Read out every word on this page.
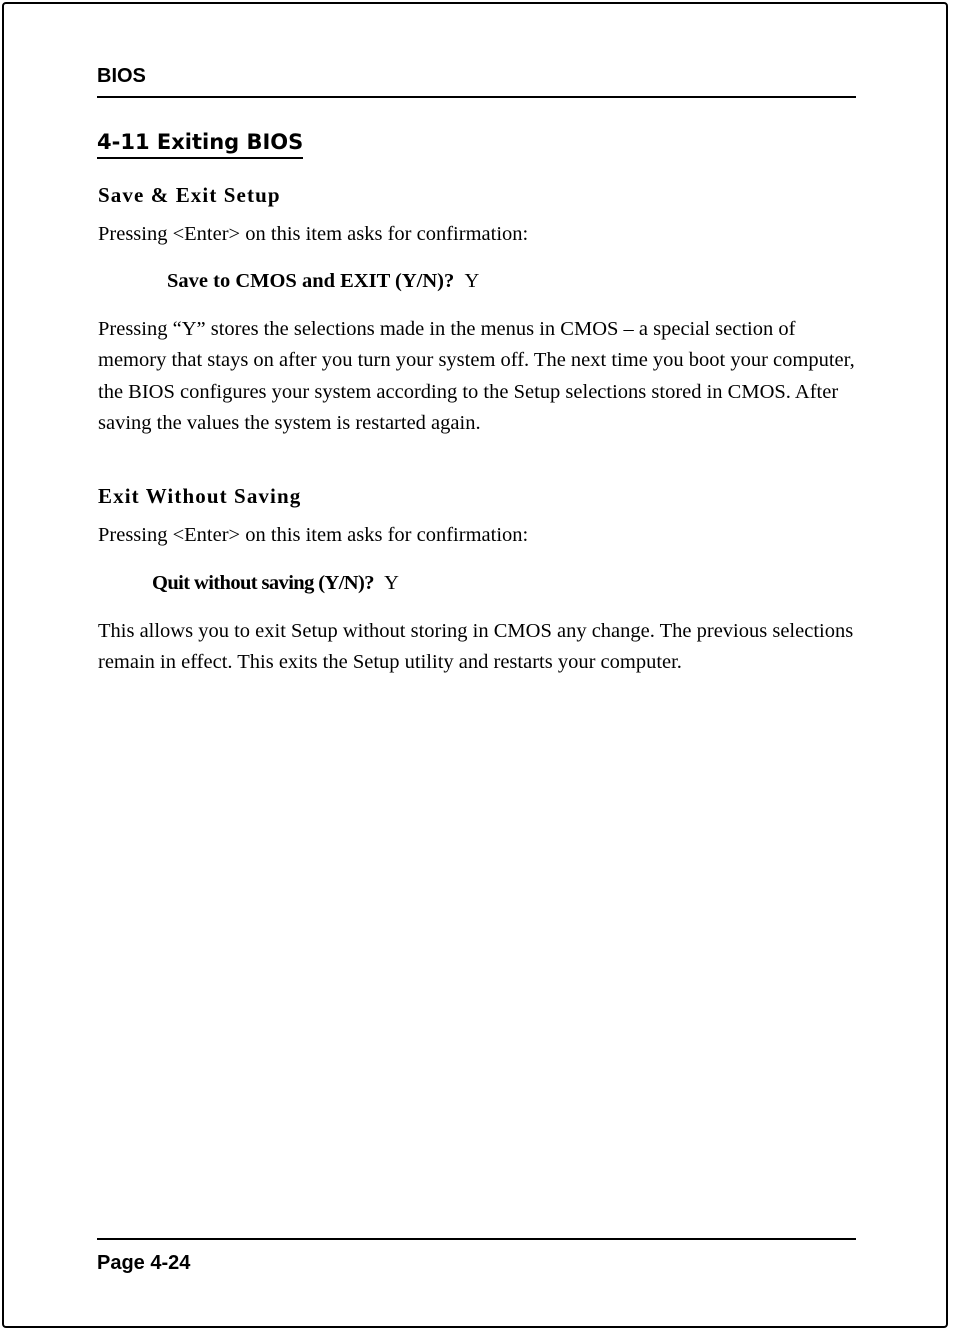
BIOS
4-11 Exiting BIOS
Save & Exit Setup
Pressing <Enter> on this item asks for confirmation:
Save to CMOS and EXIT (Y/N)? Y
Pressing “Y” stores the selections made in the menus in CMOS – a special section of memory that stays on after you turn your system off. The next time you boot your computer, the BIOS configures your system according to the Setup selections stored in CMOS. After saving the values the system is restarted again.
Exit Without Saving
Pressing <Enter> on this item asks for confirmation:
Quit without saving (Y/N)? Y
This allows you to exit Setup without storing in CMOS any change. The previous selections remain in effect. This exits the Setup utility and restarts your computer.
Page 4-24
